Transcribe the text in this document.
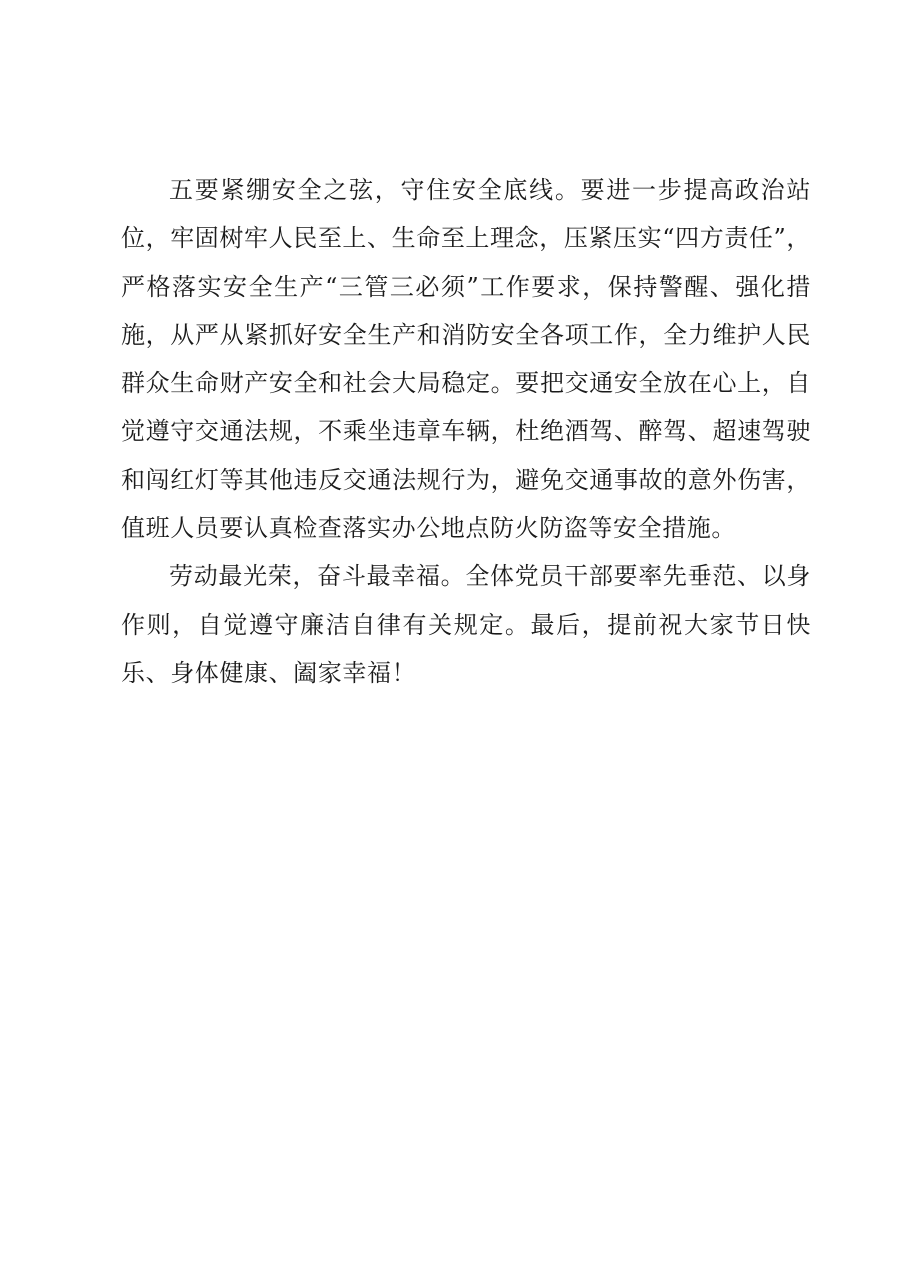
五要紧绷安全之弦，守住安全底线。要进一步提高政治站位，牢固树牢人民至上、生命至上理念，压紧压实“四方责任”，严格落实安全生产“三管三必须”工作要求，保持警醒、强化措施，从严从紧抓好安全生产和消防安全各项工作，全力维护人民群众生命财产安全和社会大局稳定。要把交通安全放在心上，自觉遵守交通法规，不乘坐违章车辆，杜绝酒驾、醉驾、超速驾驶和闯红灯等其他违反交通法规行为，避免交通事故的意外伤害，值班人员要认真检查落实办公地点防火防盗等安全措施。

劳动最光荣，奋斗最幸福。全体党员干部要率先垂范、以身作则，自觉遵守廉洁自律有关规定。最后，提前祝大家节日快乐、身体健康、阖家幸福！
